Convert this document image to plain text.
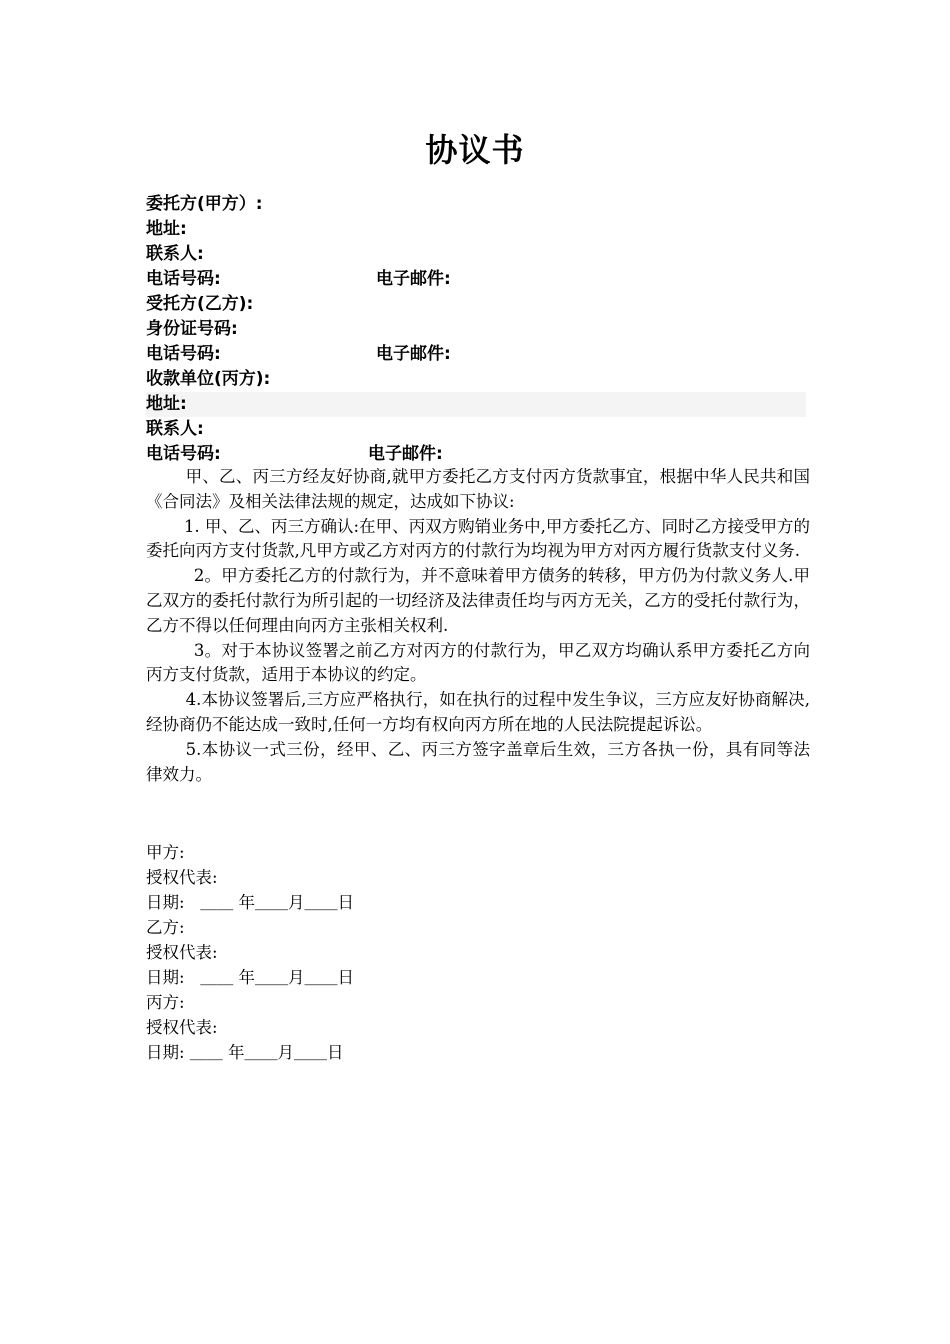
协议书
委托方(甲方）:
地址:
联系人:
电话号码:	电子邮件:
受托方(乙方):
身份证号码:
电话号码:	电子邮件:
收款单位(丙方):
地址:
联系人:
电话号码:	电子邮件:

甲、乙、丙三方经友好协商,就甲方委托乙方支付丙方货款事宜，根据中华人民共和国《合同法》及相关法律法规的规定，达成如下协议:

1. 甲、乙、丙三方确认:在甲、丙双方购销业务中,甲方委托乙方、同时乙方接受甲方的委托向丙方支付货款,凡甲方或乙方对丙方的付款行为均视为甲方对丙方履行货款支付义务.

2。甲方委托乙方的付款行为，并不意味着甲方债务的转移，甲方仍为付款义务人.甲乙双方的委托付款行为所引起的一切经济及法律责任均与丙方无关，乙方的受托付款行为，乙方不得以任何理由向丙方主张相关权利.

3。对于本协议签署之前乙方对丙方的付款行为，甲乙双方均确认系甲方委托乙方向丙方支付货款，适用于本协议的约定。

4.本协议签署后,三方应严格执行，如在执行的过程中发生争议，三方应友好协商解决,经协商仍不能达成一致时,任何一方均有权向丙方所在地的人民法院提起诉讼。

5.本协议一式三份，经甲、乙、丙三方签字盖章后生效，三方各执一份，具有同等法律效力。

甲方:
授权代表:
日期:   ＿＿ 年＿＿月＿＿日
乙方:
授权代表:
日期:   ＿＿ 年＿＿月＿＿日
丙方:
授权代表:
日期: ＿＿ 年＿＿月＿＿日
